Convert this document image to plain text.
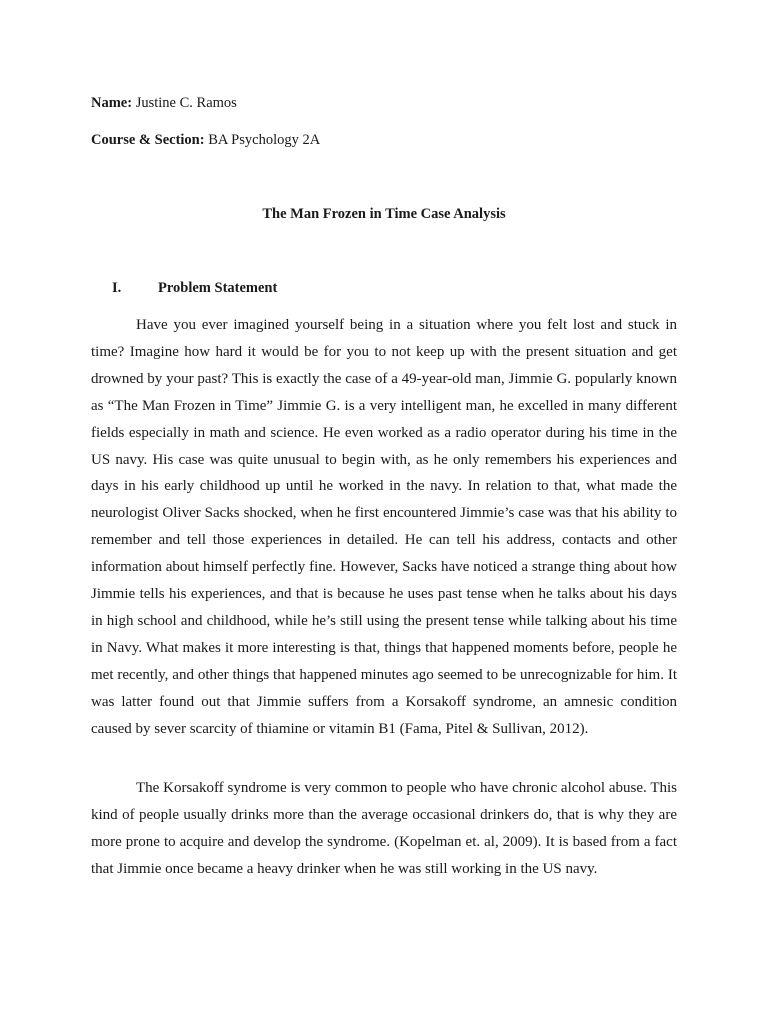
Name: Justine C. Ramos
Course & Section: BA Psychology 2A
The Man Frozen in Time Case Analysis
I.	Problem Statement

Have you ever imagined yourself being in a situation where you felt lost and stuck in time? Imagine how hard it would be for you to not keep up with the present situation and get drowned by your past? This is exactly the case of a 49-year-old man, Jimmie G. popularly known as “The Man Frozen in Time” Jimmie G. is a very intelligent man, he excelled in many different fields especially in math and science. He even worked as a radio operator during his time in the US navy. His case was quite unusual to begin with, as he only remembers his experiences and days in his early childhood up until he worked in the navy. In relation to that, what made the neurologist Oliver Sacks shocked, when he first encountered Jimmie’s case was that his ability to remember and tell those experiences in detailed. He can tell his address, contacts and other information about himself perfectly fine. However, Sacks have noticed a strange thing about how Jimmie tells his experiences, and that is because he uses past tense when he talks about his days in high school and childhood, while he’s still using the present tense while talking about his time in Navy. What makes it more interesting is that, things that happened moments before, people he met recently, and other things that happened minutes ago seemed to be unrecognizable for him. It was latter found out that Jimmie suffers from a Korsakoff syndrome, an amnesic condition caused by sever scarcity of thiamine or vitamin B1 (Fama, Pitel & Sullivan, 2012).

The Korsakoff syndrome is very common to people who have chronic alcohol abuse. This kind of people usually drinks more than the average occasional drinkers do, that is why they are more prone to acquire and develop the syndrome. (Kopelman et. al, 2009). It is based from a fact that Jimmie once became a heavy drinker when he was still working in the US navy.
